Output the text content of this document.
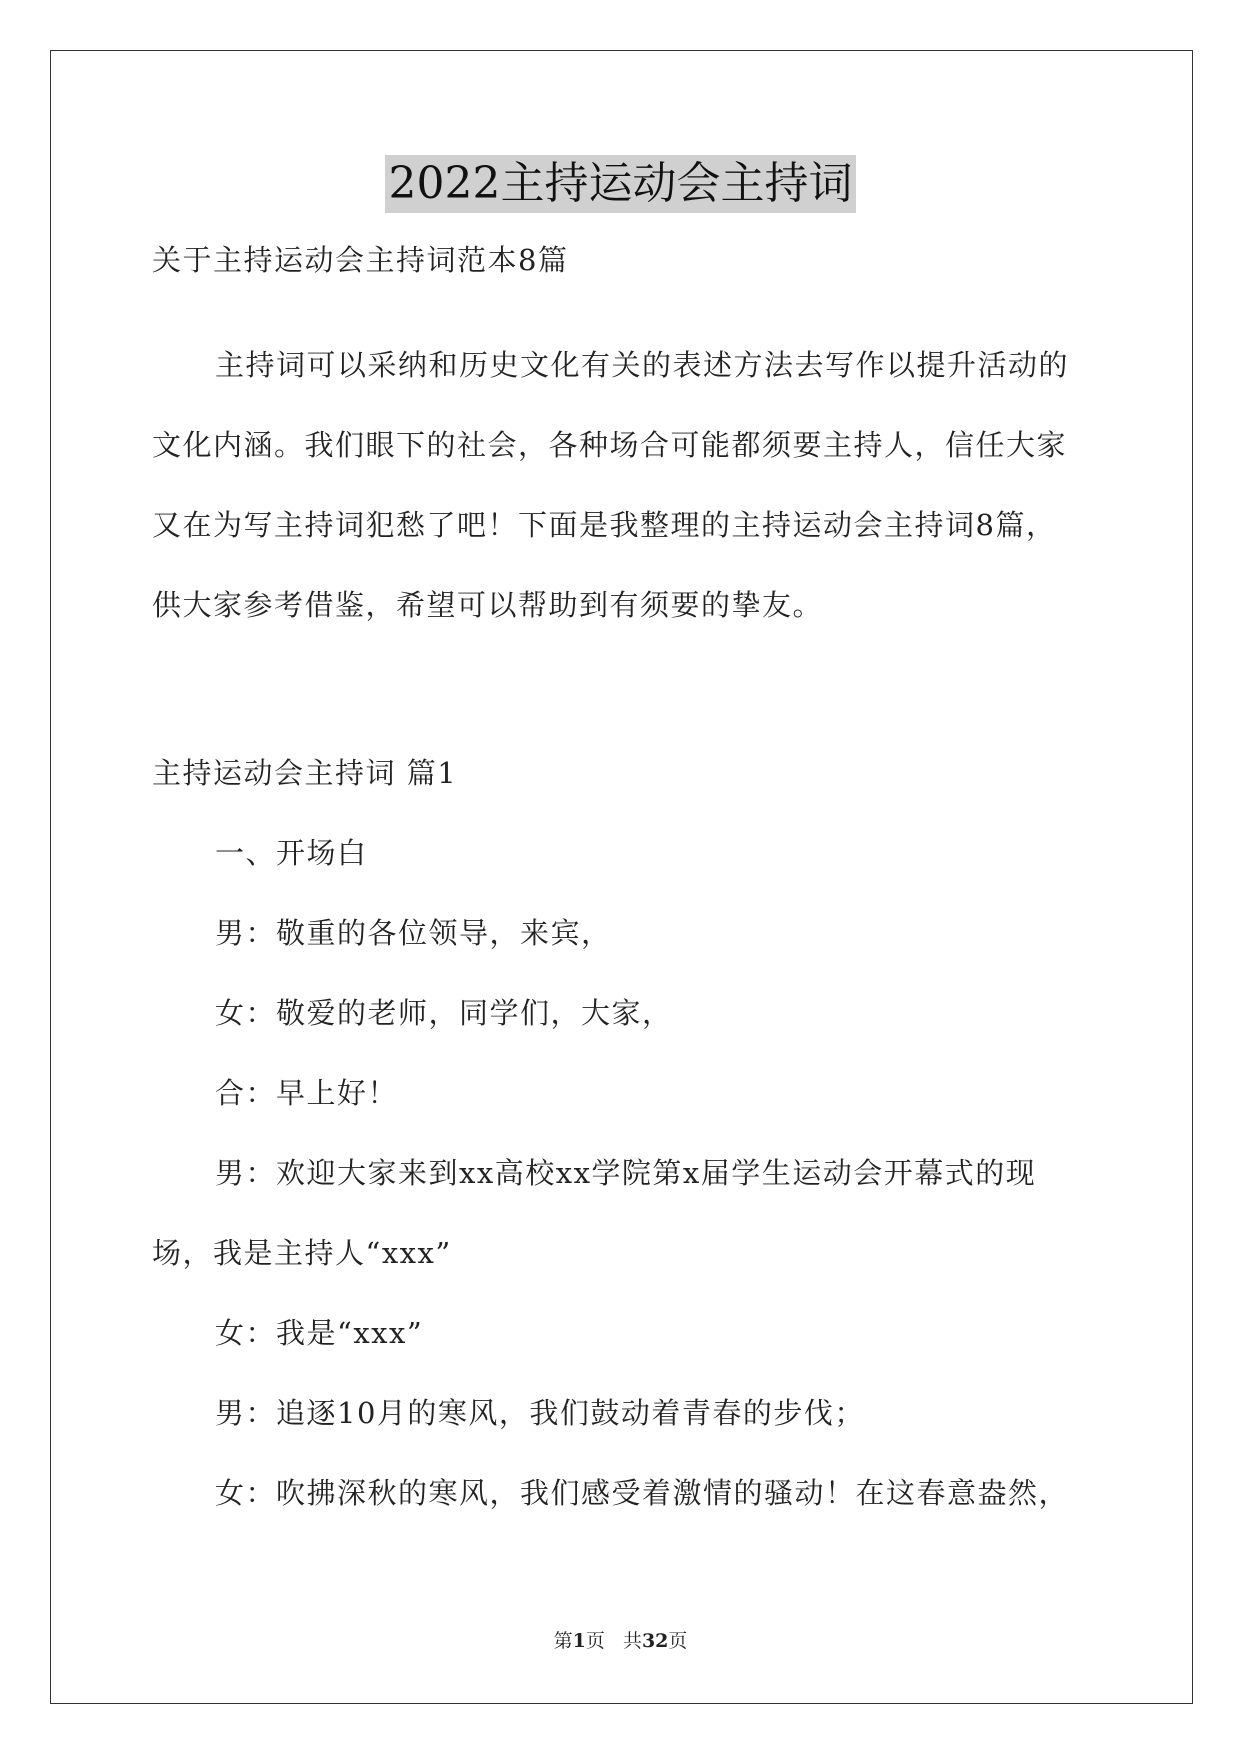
2022主持运动会主持词
关于主持运动会主持词范本8篇
主持词可以采纳和历史文化有关的表述方法去写作以提升活动的
文化内涵。我们眼下的社会，各种场合可能都须要主持人，信任大家
又在为写主持词犯愁了吧！下面是我整理的主持运动会主持词8篇，
供大家参考借鉴，希望可以帮助到有须要的挚友。
主持运动会主持词 篇1
一、开场白
男：敬重的各位领导，来宾，
女：敬爱的老师，同学们，大家，
合：早上好！
男：欢迎大家来到xx高校xx学院第x届学生运动会开幕式的现
场，我是主持人“xxx”
女：我是“xxx”
男：追逐10月的寒风，我们鼓动着青春的步伐；
女：吹拂深秋的寒风，我们感受着激情的骚动！在这春意盎然，
第1页   共32页
